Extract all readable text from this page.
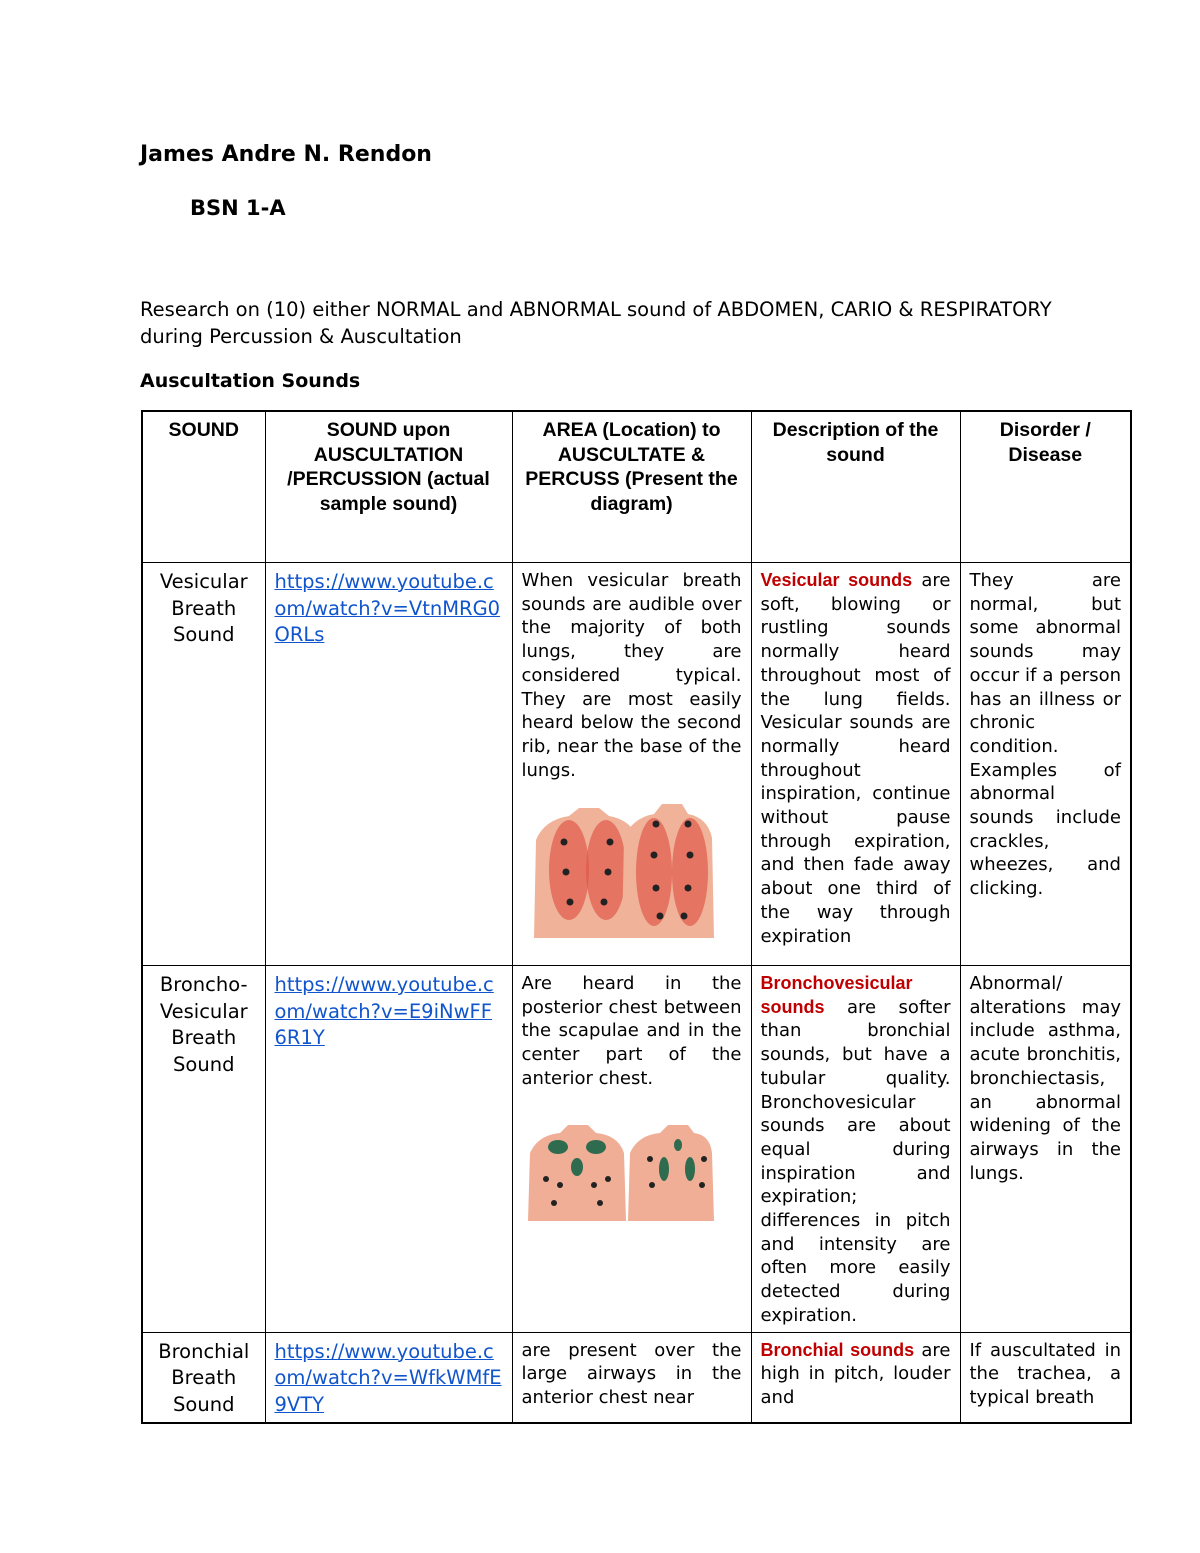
James Andre N. Rendon
BSN 1-A
Research on (10) either NORMAL and ABNORMAL sound of ABDOMEN, CARIO & RESPIRATORY during Percussion & Auscultation
Auscultation Sounds
SOUND	SOUND upon AUSCULTATION /PERCUSSION (actual sample sound)	AREA (Location) to AUSCULTATE & PERCUSS (Present the diagram)	Description of the sound	Disorder / Disease
Vesicular Breath Sound	https://www.youtube.com/watch?v=VtnMRG0ORLs	When vesicular breath sounds are audible over the majority of both lungs, they are considered typical. They are most easily heard below the second rib, near the base of the lungs.	Vesicular sounds are soft, blowing or rustling sounds normally heard throughout most of the lung fields. Vesicular sounds are normally heard throughout inspiration, continue without pause through expiration, and then fade away about one third of the way through expiration	They are normal, but some abnormal sounds may occur if a person has an illness or chronic condition. Examples of abnormal sounds include crackles, wheezes, and clicking.
Broncho-Vesicular Breath Sound	https://www.youtube.com/watch?v=E9iNwFF6R1Y	Are heard in the posterior chest between the scapulae and in the center part of the anterior chest.	Bronchovesicular sounds are softer than bronchial sounds, but have a tubular quality. Bronchovesicular sounds are about equal during inspiration and expiration; differences in pitch and intensity are often more easily detected during expiration.	Abnormal/ alterations may include asthma, acute bronchitis, bronchiectasis, an abnormal widening of the airways in the lungs.
Bronchial Breath Sound	https://www.youtube.com/watch?v=WfkWMfE9VTY	are present over the large airways in the anterior chest near	Bronchial sounds are high in pitch, louder and	If auscultated in the trachea, a typical breath
